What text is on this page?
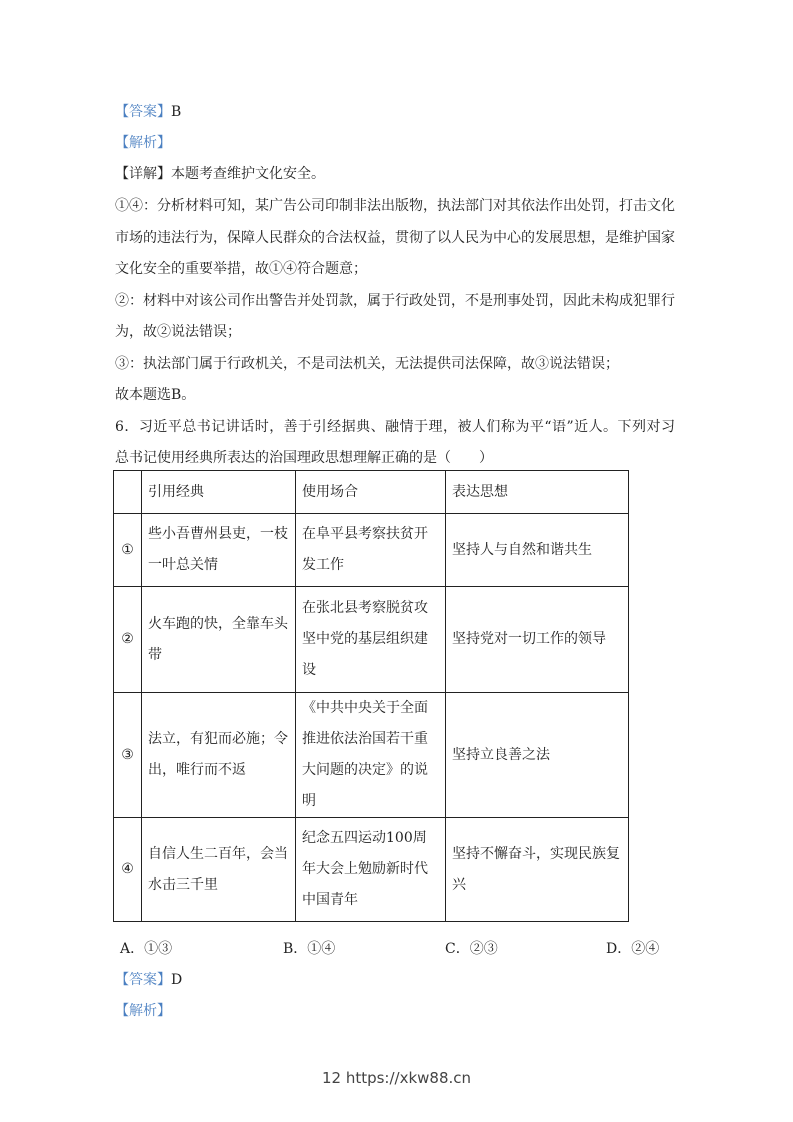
【答案】B
【解析】
【详解】本题考查维护文化安全。
①④：分析材料可知，某广告公司印制非法出版物，执法部门对其依法作出处罚，打击文化
市场的违法行为，保障人民群众的合法权益，贯彻了以人民为中心的发展思想，是维护国家
文化安全的重要举措，故①④符合题意；
②：材料中对该公司作出警告并处罚款，属于行政处罚，不是刑事处罚，因此未构成犯罪行
为，故②说法错误；
③：执法部门属于行政机关，不是司法机关，无法提供司法保障，故③说法错误；
故本题选B。
6．习近平总书记讲话时，善于引经据典、融情于理，被人们称为平“语”近人。下列对习
总书记使用经典所表达的治国理政思想理解正确的是（　　）
	引用经典	使用场合	表达思想
①	些小吾曹州县吏，一枝一叶总关情	在阜平县考察扶贫开发工作	坚持人与自然和谐共生
②	火车跑的快，全靠车头带	在张北县考察脱贫攻坚中党的基层组织建设	坚持党对一切工作的领导
③	法立，有犯而必施；令出，唯行而不返	《中共中央关于全面推进依法治国若干重大问题的决定》的说明	坚持立良善之法
④	自信人生二百年，会当水击三千里	纪念五四运动100周年大会上勉励新时代中国青年	坚持不懈奋斗，实现民族复兴
A．①③	B．①④	C．②③	D．②④
【答案】D
【解析】
12 https://xkw88.cn
